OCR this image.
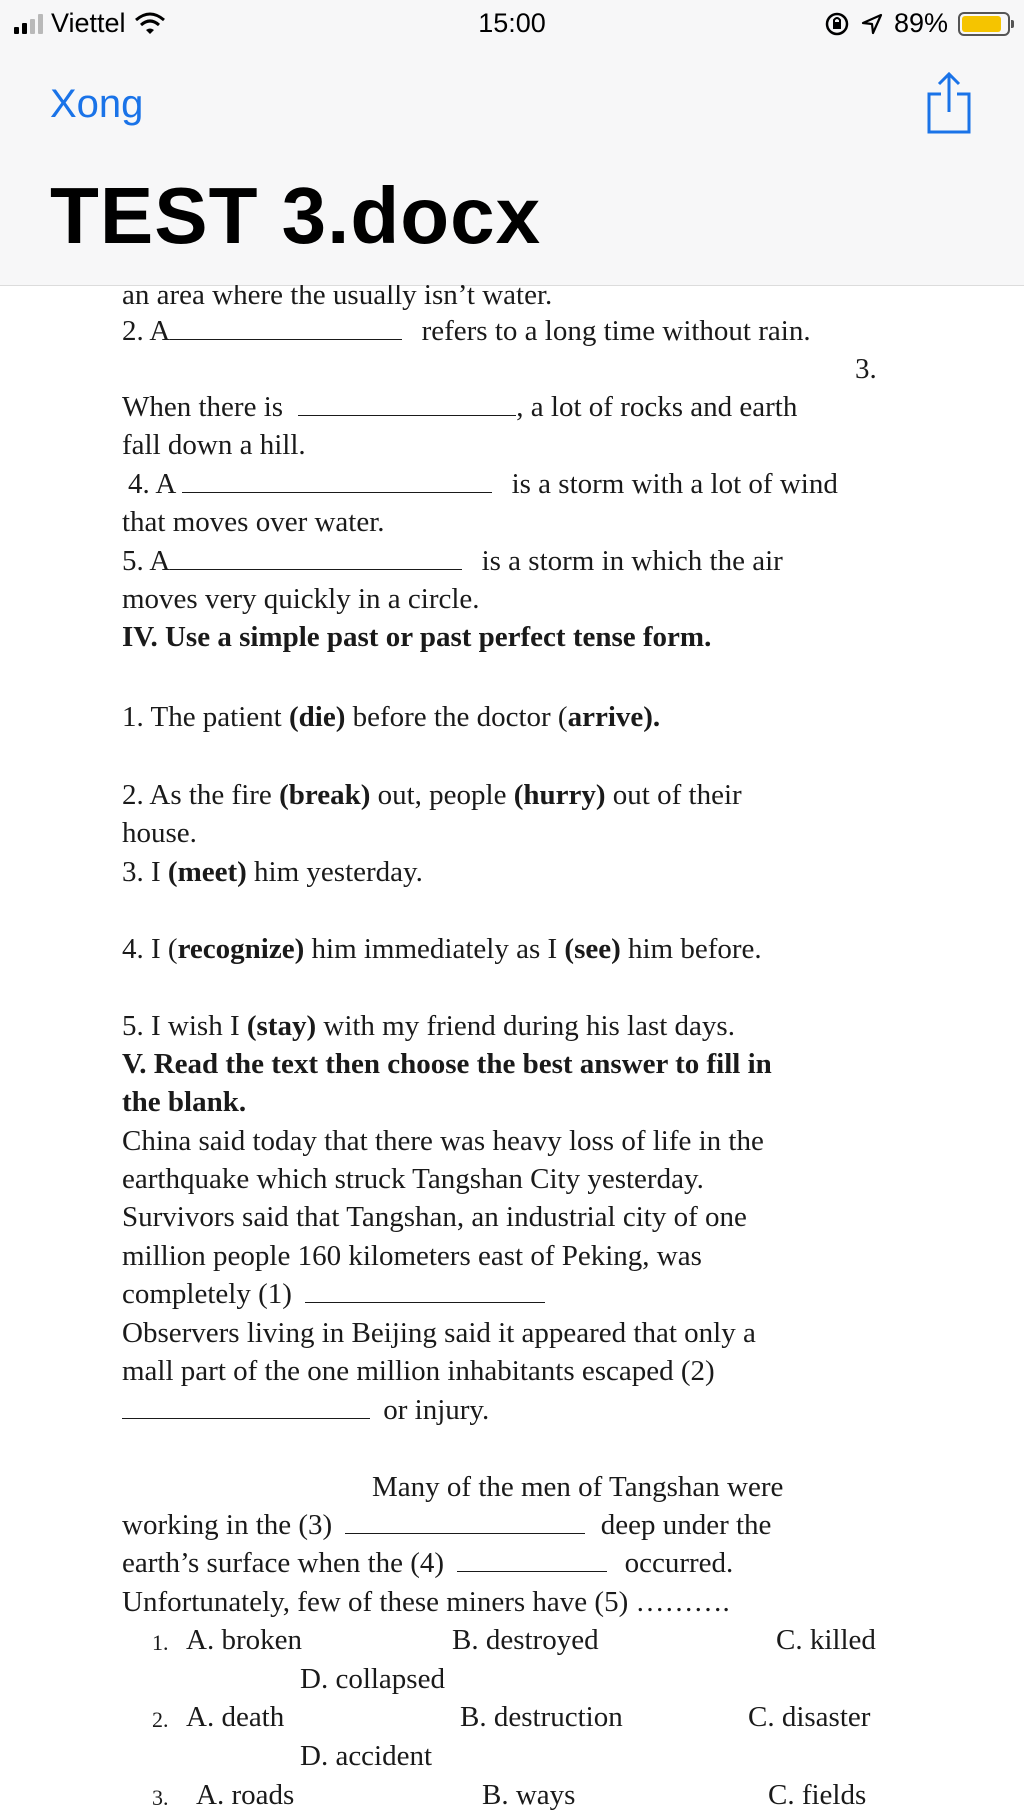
Viettel	15:00	89%
Xong
TEST 3.docx
an area where the usually isn’t water.
2. A	refers to a long time without rain.
3.
When there is	, a lot of rocks and earth
fall down a hill.
4. A	is a storm with a lot of wind
that moves over water.
5. A	is a storm in which the air
moves very quickly in a circle.
IV. Use a simple past or past perfect tense form.
1. The patient (die) before the doctor (arrive).
2. As the fire (break) out, people (hurry) out of their
house.
3. I (meet) him yesterday.
4. I (recognize) him immediately as I (see) him before.
5. I wish I (stay) with my friend during his last days.
V. Read the text then choose the best answer to fill in
the blank.
China said today that there was heavy loss of life in the
earthquake which struck Tangshan City yesterday.
Survivors said that Tangshan, an industrial city of one
million people 160 kilometers east of Peking, was
completely (1)
Observers living in Beijing said it appeared that only a
mall part of the one million inhabitants escaped (2)
or injury.
Many of the men of Tangshan were
working in the (3)	deep under the
earth’s surface when the (4)	occurred.
Unfortunately, few of these miners have (5) ……….
1. A. broken	B. destroyed	C. killed
D. collapsed
2. A. death	B. destruction	C. disaster
D. accident
3. A. roads	B. ways	C. fields
